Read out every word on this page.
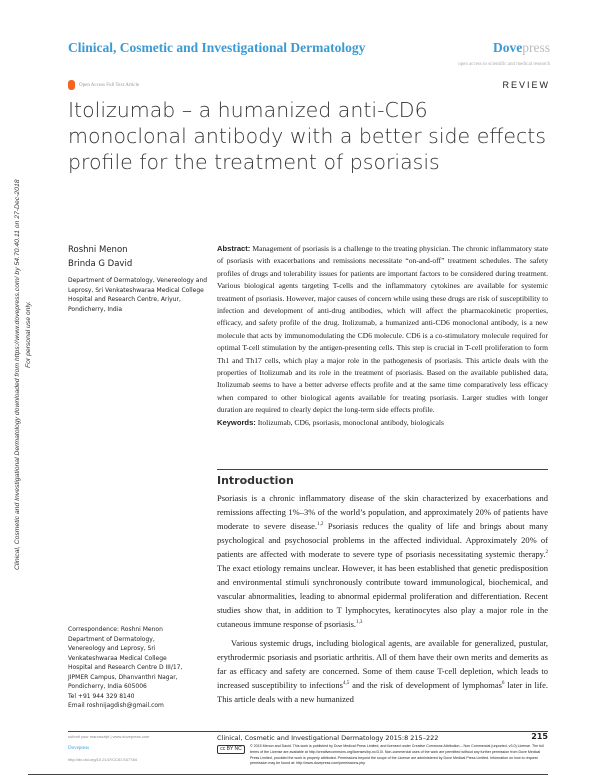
Clinical, Cosmetic and Investigational Dermatology	Dovepress
open access to scientific and medical research
Open Access Full Text Article	REVIEW
Clinical, Cosmetic and Investigational Dermatology downloaded from https://www.dovepress.com/ by 54.70.40.11 on 27-Dec-2018 For personal use only.
Itolizumab – a humanized anti-CD6 monoclonal antibody with a better side effects profile for the treatment of psoriasis
Roshni Menon
Brinda G David
Department of Dermatology, Venereology and Leprosy, Sri Venkateshwaraa Medical College Hospital and Research Centre, Ariyur, Pondicherry, India
Abstract: Management of psoriasis is a challenge to the treating physician. The chronic inflammatory state of psoriasis with exacerbations and remissions necessitate “on-and-off” treatment schedules. The safety profiles of drugs and tolerability issues for patients are important factors to be considered during treatment. Various biological agents targeting T-cells and the inflammatory cytokines are available for systemic treatment of psoriasis. However, major causes of concern while using these drugs are risk of susceptibility to infection and development of anti-drug antibodies, which will affect the pharmacokinetic properties, efficacy, and safety profile of the drug. Itolizumab, a humanized anti-CD6 monoclonal antibody, is a new molecule that acts by immunomodulating the CD6 molecule. CD6 is a co-stimulatory molecule required for optimal T-cell stimulation by the antigen-presenting cells. This step is crucial in T-cell proliferation to form Th1 and Th17 cells, which play a major role in the pathogenesis of psoriasis. This article deals with the properties of Itolizumab and its role in the treatment of psoriasis. Based on the available published data, Itolizumab seems to have a better adverse effects profile and at the same time comparatively less efficacy when compared to other biological agents available for treating psoriasis. Larger studies with longer duration are required to clearly depict the long-term side effects profile.
Keywords: Itolizumab, CD6, psoriasis, monoclonal antibody, biologicals
Introduction

Psoriasis is a chronic inflammatory disease of the skin characterized by exacerbations and remissions affecting 1%–3% of the world’s population, and approximately 20% of patients have moderate to severe disease.$^{1,2}$ Psoriasis reduces the quality of life and brings about many psychological and psychosocial problems in the affected individual. Approximately 20% of patients are affected with moderate to severe type of psoriasis necessitating systemic therapy.$^2$ The exact etiology remains unclear. However, it has been established that genetic predisposition and environmental stimuli synchronously contribute toward immunological, biochemical, and vascular abnormalities, leading to abnormal epidermal proliferation and differentiation. Recent studies show that, in addition to T lymphocytes, keratinocytes also play a major role in the cutaneous immune response of psoriasis.$^{1,3}$

Various systemic drugs, including biological agents, are available for generalized, pustular, erythrodermic psoriasis and psoriatic arthritis. All of them have their own merits and demerits as far as efficacy and safety are concerned. Some of them cause T-cell depletion, which leads to increased susceptibility to infections$^{4,5}$ and the risk of development of lymphomas$^6$ later in life. This article deals with a new humanized

Correspondence: Roshni Menon
Department of Dermatology,
Venereology and Leprosy, Sri
Venkateshwaraa Medical College
Hospital and Research Centre D III/17,
JIPMER Campus, Dhanvanthri Nagar,
Pondicherry, India 605006
Tel +91 944 329 8140
Email roshnijagdish@gmail.com
submit your manuscript | www.dovepress.com
Dovepress
http://dx.doi.org/10.2147/CCID.S47784
Clinical, Cosmetic and Investigational Dermatology 2015:8 215–222	215
cc BY NC	© 2015 Menon and David. This work is published by Dove Medical Press Limited, and licensed under Creative Commons Attribution – Non Commercial (unported, v3.0) License. The full terms of the License are available at http://creativecommons.org/licenses/by-nc/3.0/. Non-commercial uses of the work are permitted without any further permission from Dove Medical Press Limited, provided the work is properly attributed. Permissions beyond the scope of the License are administered by Dove Medical Press Limited. Information on how to request permission may be found at: http://www.dovepress.com/permissions.php
